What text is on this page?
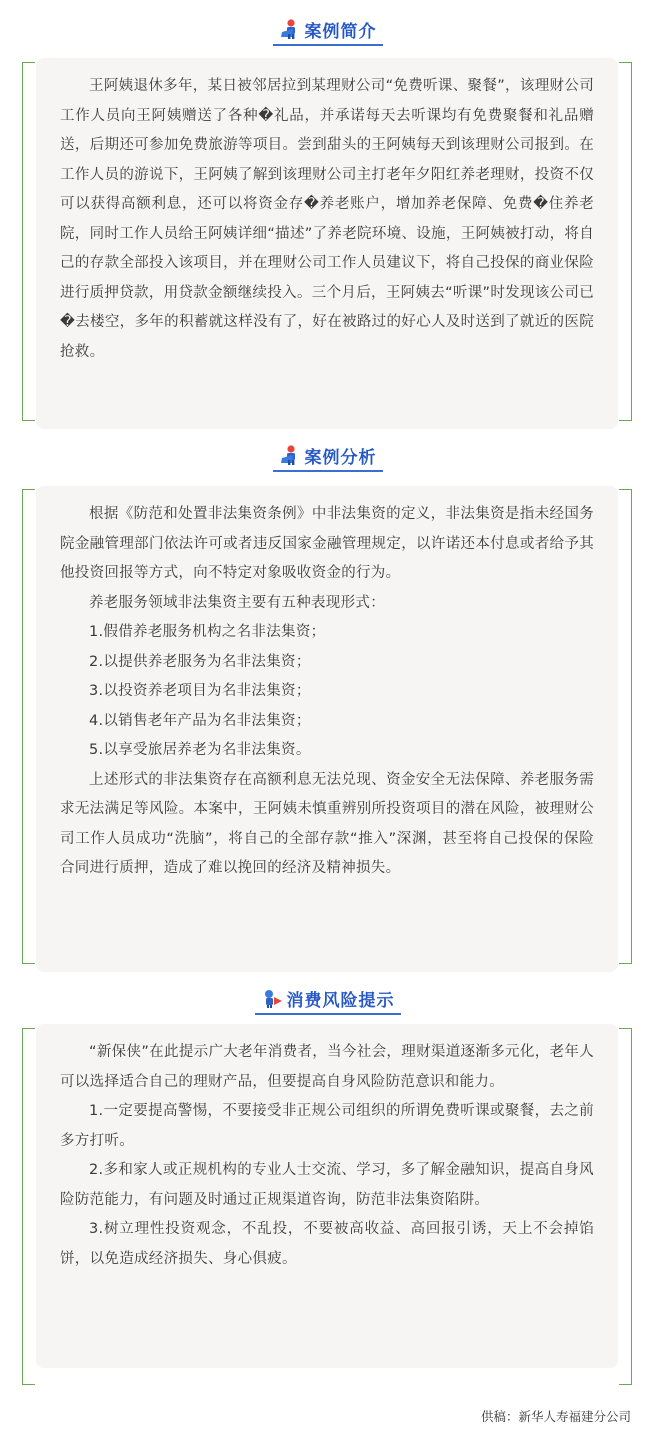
案例简介

王阿姨退休多年，某日被邻居拉到某理财公司“免费听课、聚餐”，该理财公司工作人员向王阿姨赠送了各种�礼品，并承诺每天去听课均有免费聚餐和礼品赠送，后期还可参加免费旅游等项目。尝到甜头的王阿姨每天到该理财公司报到。在工作人员的游说下，王阿姨了解到该理财公司主打老年夕阳红养老理财，投资不仅可以获得高额利息，还可以将资金存�养老账户，增加养老保障、免费�住养老院，同时工作人员给王阿姨详细“描述”了养老院环境、设施，王阿姨被打动，将自己的存款全部投入该项目，并在理财公司工作人员建议下，将自己投保的商业保险进行质押贷款，用贷款金额继续投入。三个月后，王阿姨去“听课”时发现该公司已�去楼空，多年的积蓄就这样没有了，好在被路过的好心人及时送到了就近的医院抢救。

案例分析

根据《防范和处置非法集资条例》中非法集资的定义，非法集资是指未经国务院金融管理部门依法许可或者违反国家金融管理规定，以许诺还本付息或者给予其他投资回报等方式，向不特定对象吸收资金的行为。

养老服务领域非法集资主要有五种表现形式：

1.假借养老服务机构之名非法集资；

2.以提供养老服务为名非法集资；

3.以投资养老项目为名非法集资；

4.以销售老年产品为名非法集资；

5.以享受旅居养老为名非法集资。

上述形式的非法集资存在高额利息无法兑现、资金安全无法保障、养老服务需求无法满足等风险。本案中，王阿姨未慎重辨别所投资项目的潜在风险，被理财公司工作人员成功“洗脑”，将自己的全部存款“推入”深渊，甚至将自己投保的保险合同进行质押，造成了难以挽回的经济及精神损失。

消费风险提示

“新保侠”在此提示广大老年消费者，当今社会，理财渠道逐渐多元化，老年人可以选择适合自己的理财产品，但要提高自身风险防范意识和能力。

1.一定要提高警惕，不要接受非正规公司组织的所谓免费听课或聚餐，去之前多方打听。

2.多和家人或正规机构的专业人士交流、学习，多了解金融知识，提高自身风险防范能力，有问题及时通过正规渠道咨询，防范非法集资陷阱。

3.树立理性投资观念，不乱投，不要被高收益、高回报引诱，天上不会掉馅饼，以免造成经济损失、身心俱疲。

供稿：新华人寿福建分公司
